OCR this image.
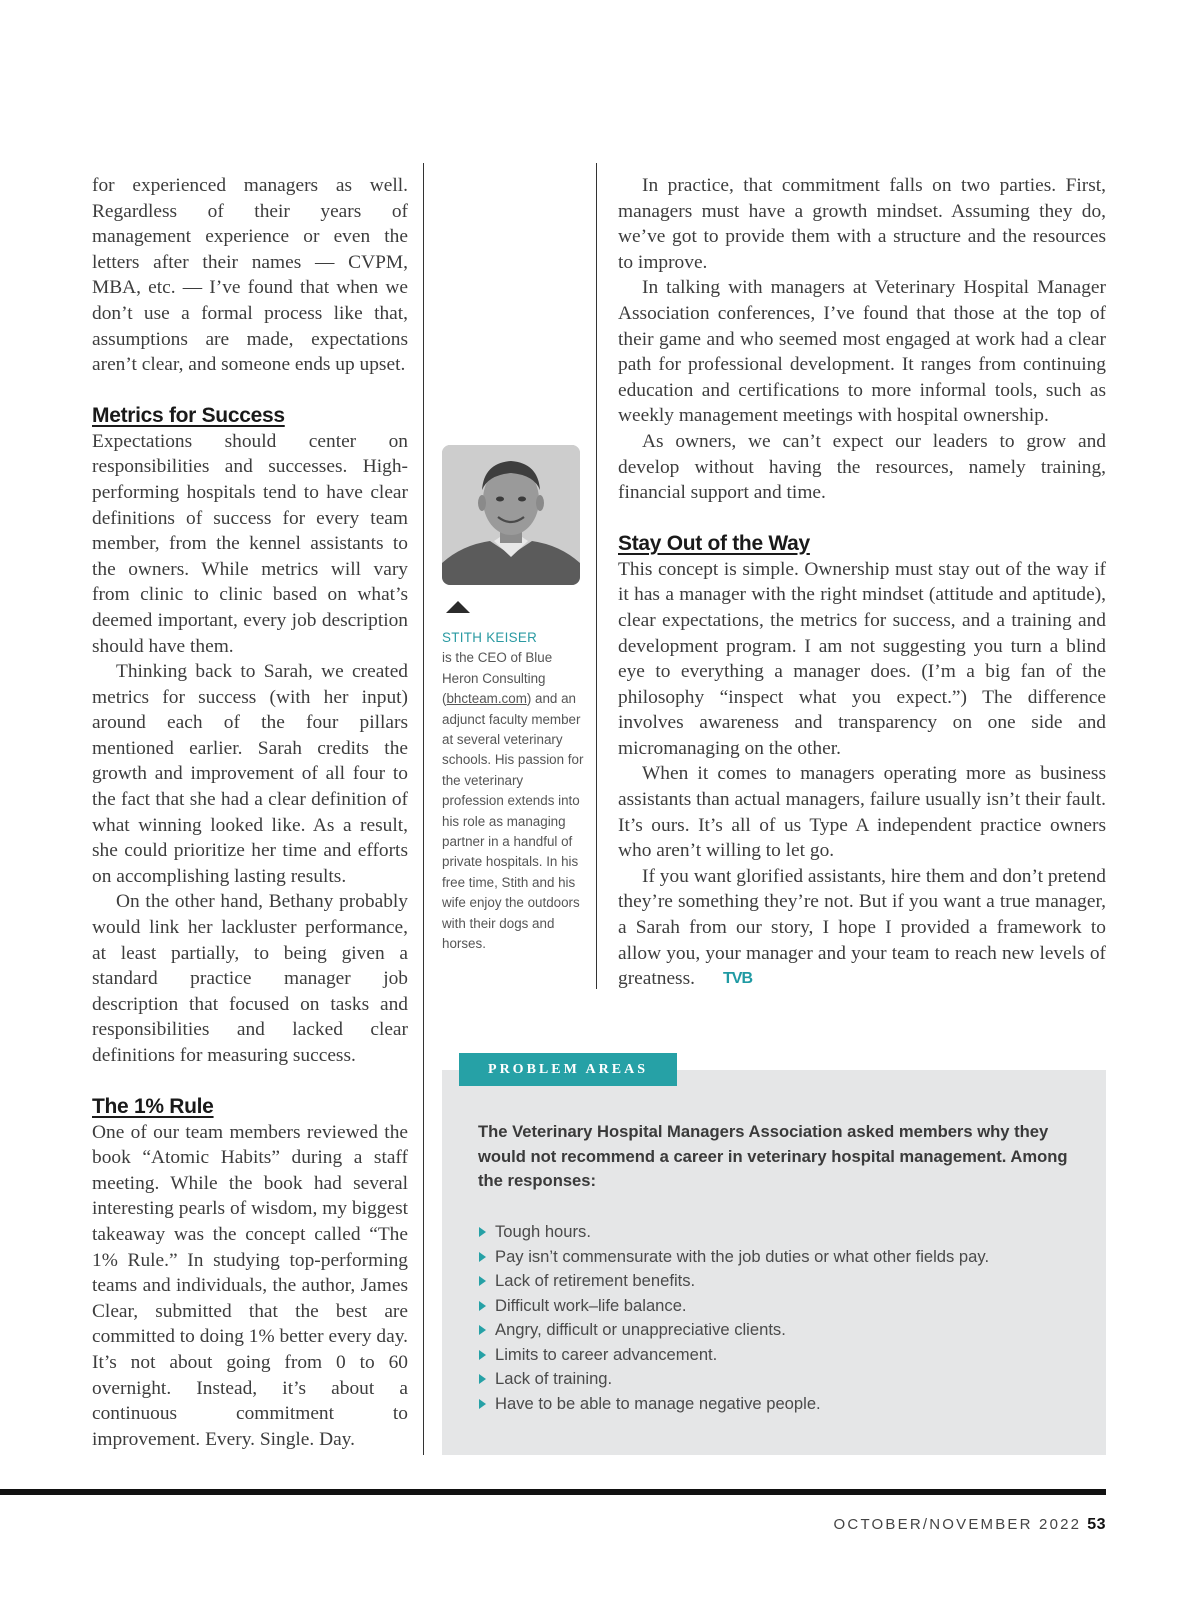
for experienced managers as well. Regardless of their years of management experience or even the letters after their names — CVPM, MBA, etc. — I’ve found that when we don’t use a formal process like that, assumptions are made, expectations aren’t clear, and someone ends up upset.

Metrics for Success

Expectations should center on responsibilities and successes. High-performing hospitals tend to have clear definitions of success for every team member, from the kennel assistants to the owners. While metrics will vary from clinic to clinic based on what’s deemed important, every job description should have them.

Thinking back to Sarah, we created metrics for success (with her input) around each of the four pillars mentioned earlier. Sarah credits the growth and improvement of all four to the fact that she had a clear definition of what winning looked like. As a result, she could prioritize her time and efforts on accomplishing lasting results.

On the other hand, Bethany probably would link her lackluster performance, at least partially, to being given a standard practice manager job description that focused on tasks and responsibilities and lacked clear definitions for measuring success.

The 1% Rule

One of our team members reviewed the book “Atomic Habits” during a staff meeting. While the book had several interesting pearls of wisdom, my biggest takeaway was the concept called “The 1% Rule.” In studying top-performing teams and individuals, the author, James Clear, submitted that the best are committed to doing 1% better every day. It’s not about going from 0 to 60 overnight. Instead, it’s about a continuous commitment to improvement. Every. Single. Day.

STITH KEISER
is the CEO of Blue Heron Consulting (bhcteam.com) and an adjunct faculty member at several veterinary schools. His passion for the veterinary profession extends into his role as managing partner in a handful of private hospitals. In his free time, Stith and his wife enjoy the outdoors with their dogs and horses.

In practice, that commitment falls on two parties. First, managers must have a growth mindset. Assuming they do, we’ve got to provide them with a structure and the resources to improve.

In talking with managers at Veterinary Hospital Manager Association conferences, I’ve found that those at the top of their game and who seemed most engaged at work had a clear path for professional development. It ranges from continuing education and certifications to more informal tools, such as weekly management meetings with hospital ownership.

As owners, we can’t expect our leaders to grow and develop without having the resources, namely training, financial support and time.

Stay Out of the Way

This concept is simple. Ownership must stay out of the way if it has a manager with the right mindset (attitude and aptitude), clear expectations, the metrics for success, and a training and development program. I am not suggesting you turn a blind eye to everything a manager does. (I’m a big fan of the philosophy “inspect what you expect.”) The difference involves awareness and transparency on one side and micromanaging on the other.

When it comes to managers operating more as business assistants than actual managers, failure usually isn’t their fault. It’s ours. It’s all of us Type A independent practice owners who aren’t willing to let go.

If you want glorified assistants, hire them and don’t pretend they’re something they’re not. But if you want a true manager, a Sarah from our story, I hope I provided a framework to allow you, your manager and your team to reach new levels of greatness. TVB

PROBLEM AREAS
The Veterinary Hospital Managers Association asked members why they would not recommend a career in veterinary hospital management. Among the responses:
Tough hours.
Pay isn’t commensurate with the job duties or what other fields pay.
Lack of retirement benefits.
Difficult work–life balance.
Angry, difficult or unappreciative clients.
Limits to career advancement.
Lack of training.
Have to be able to manage negative people.
OCTOBER/NOVEMBER 2022 53
